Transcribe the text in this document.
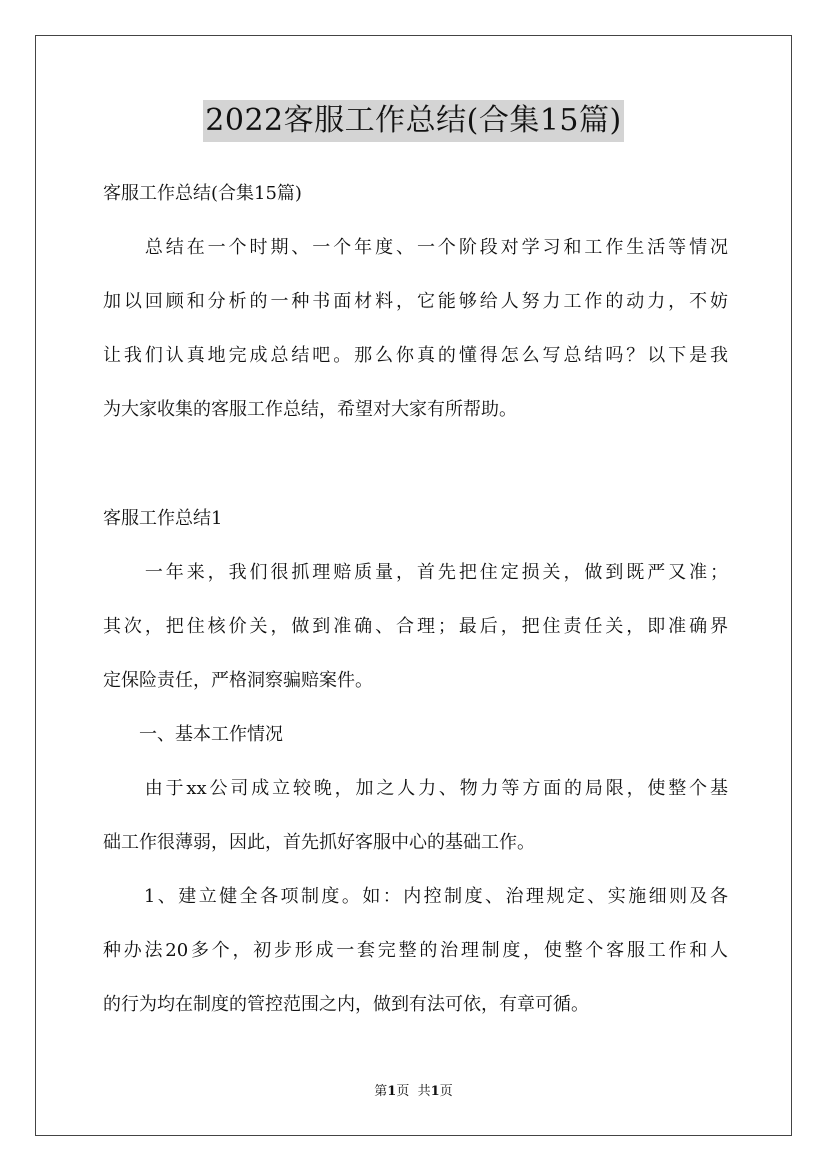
2022客服工作总结(合集15篇)
客服工作总结(合集15篇)
　　总结在一个时期、一个年度、一个阶段对学习和工作生活等情况
加以回顾和分析的一种书面材料，它能够给人努力工作的动力，不妨
让我们认真地完成总结吧。那么你真的懂得怎么写总结吗？以下是我
为大家收集的客服工作总结，希望对大家有所帮助。
客服工作总结1
　　一年来，我们很抓理赔质量，首先把住定损关，做到既严又准；
其次，把住核价关，做到准确、合理；最后，把住责任关，即准确界
定保险责任，严格洞察骗赔案件。
　　一、基本工作情况
　　由于xx公司成立较晚，加之人力、物力等方面的局限，使整个基
础工作很薄弱，因此，首先抓好客服中心的基础工作。
　　1、建立健全各项制度。如：内控制度、治理规定、实施细则及各
种办法20多个，初步形成一套完整的治理制度，使整个客服工作和人
的行为均在制度的管控范围之内，做到有法可依，有章可循。
第1页 共1页
